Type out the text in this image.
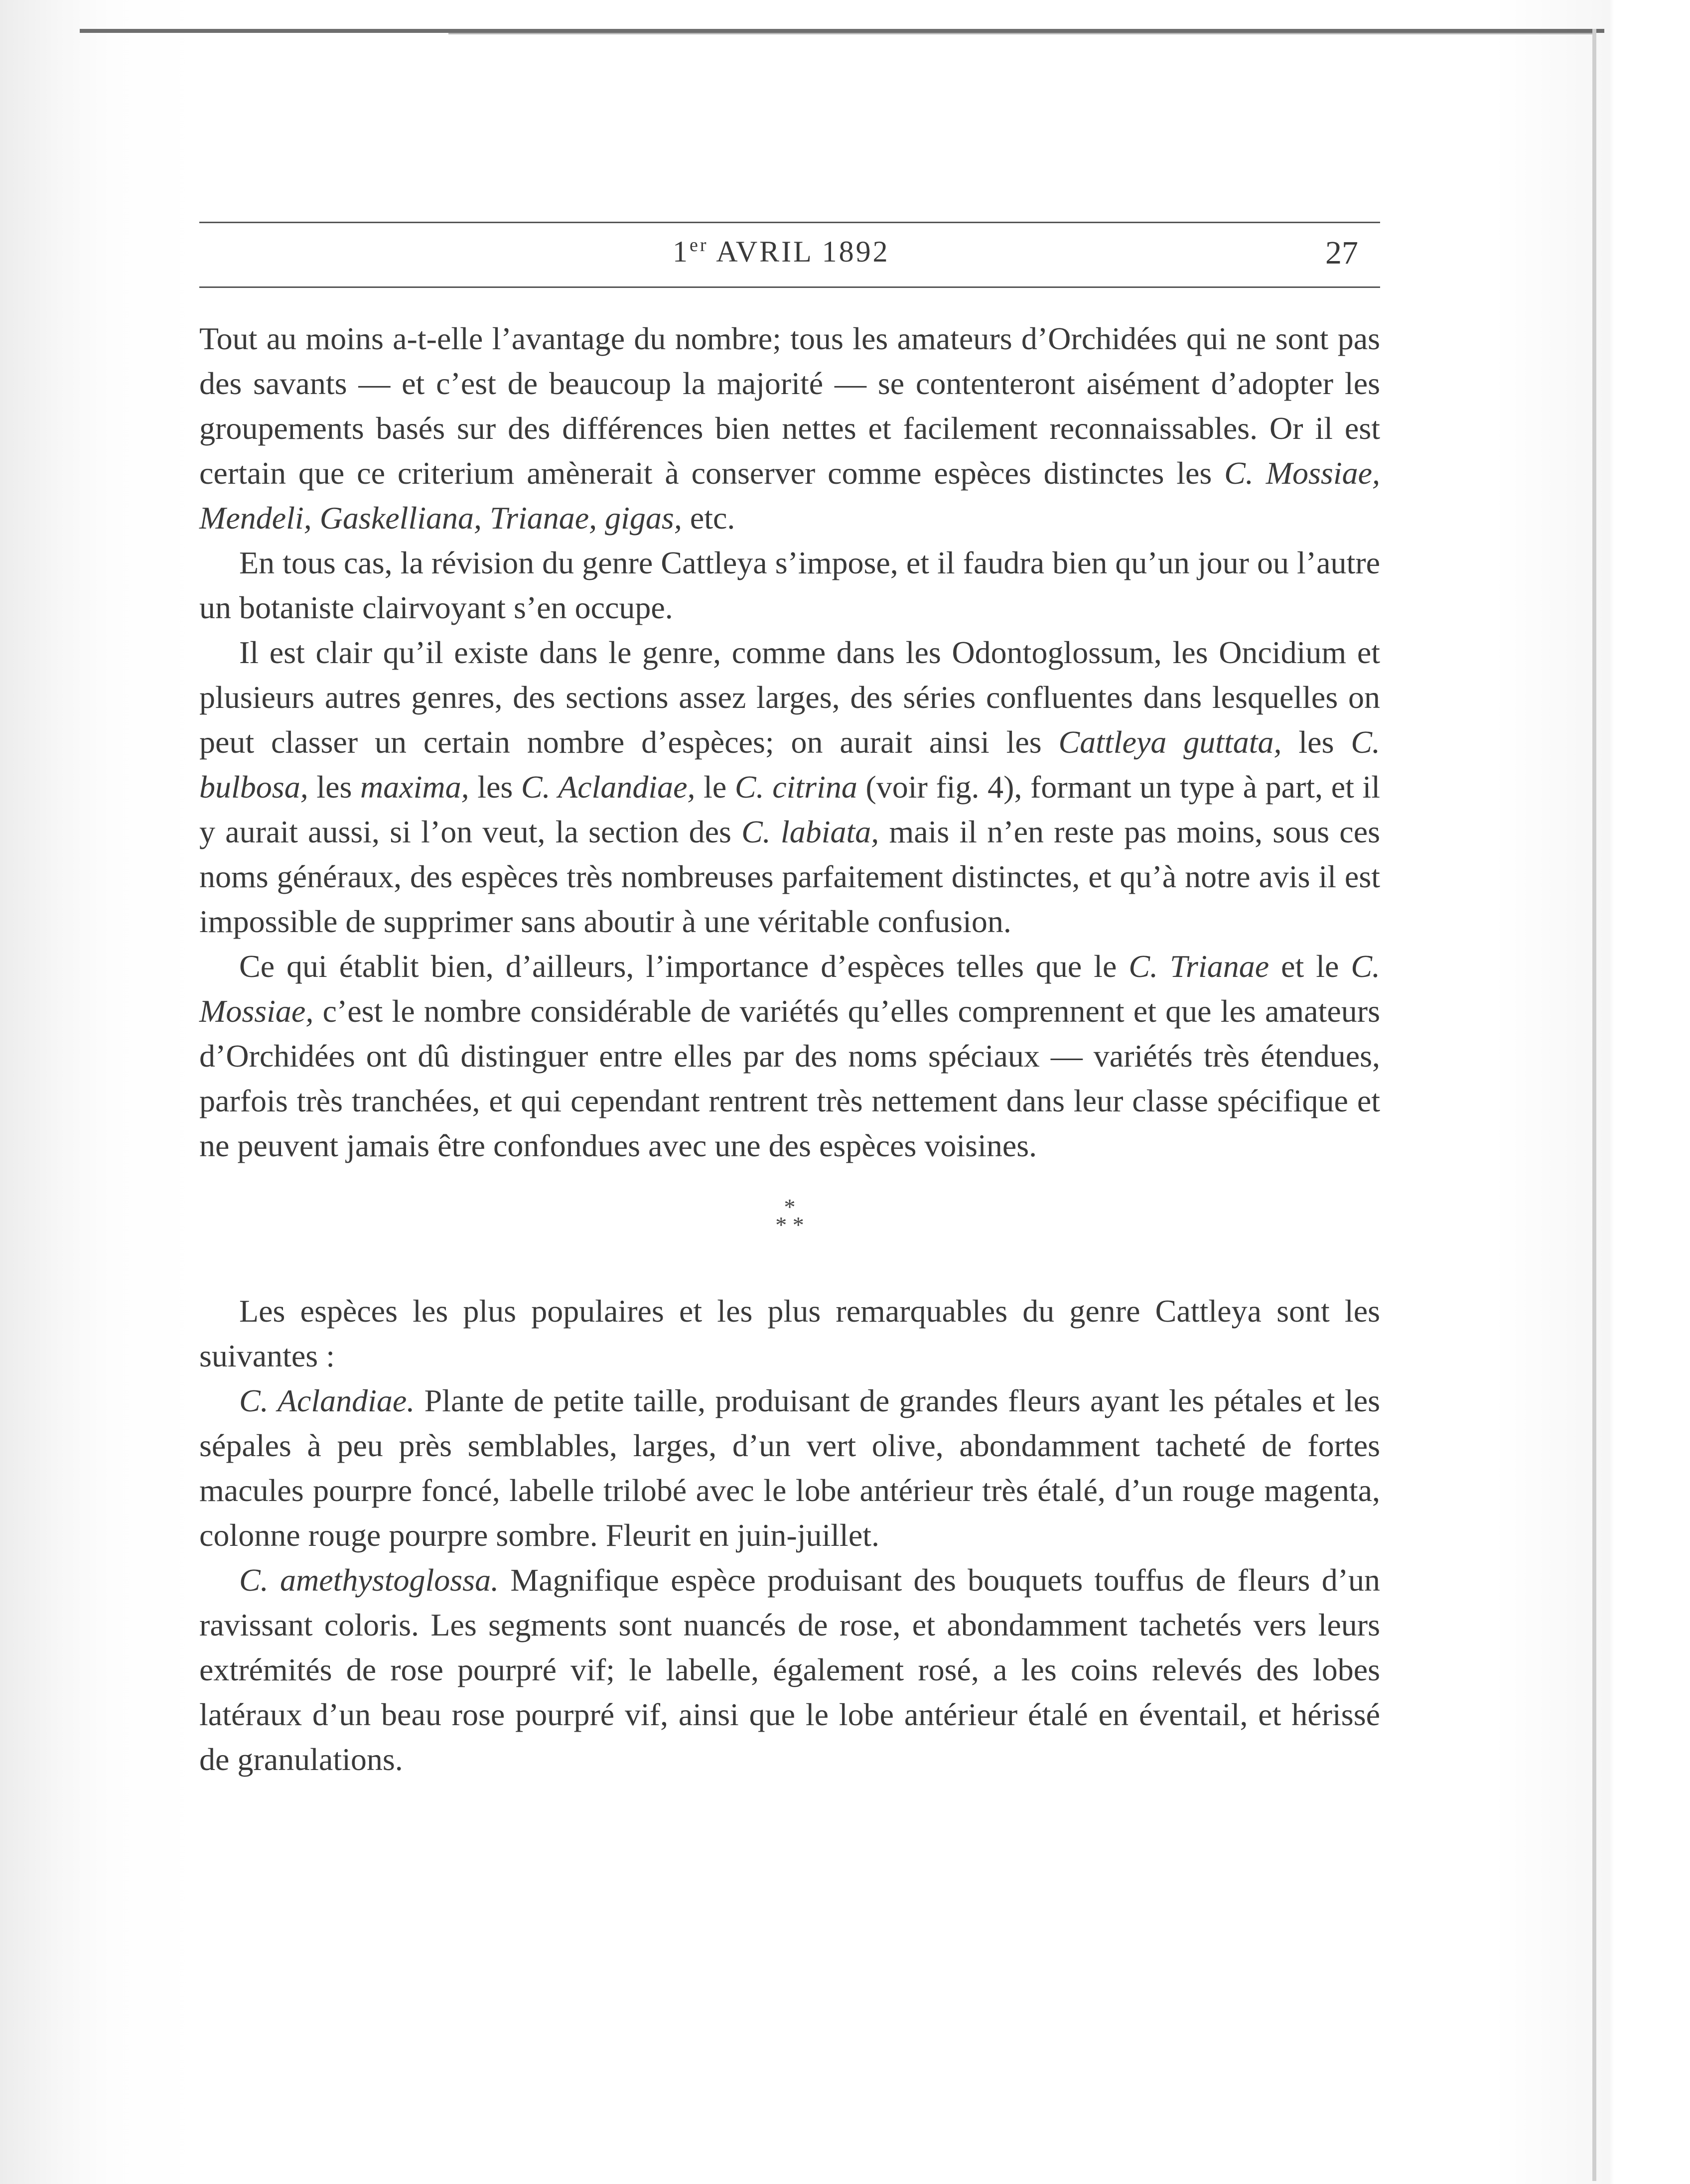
1er AVRIL 1892	27

Tout au moins a-t-elle l’avantage du nombre; tous les amateurs d’Orchidées qui ne sont pas des savants — et c’est de beaucoup la majorité — se contenteront aisément d’adopter les groupements basés sur des différences bien nettes et facilement reconnaissables. Or il est certain que ce criterium amènerait à conserver comme espèces distinctes les C. Mossiae, Mendeli, Gaskelliana, Trianae, gigas, etc.

En tous cas, la révision du genre Cattleya s’impose, et il faudra bien qu’un jour ou l’autre un botaniste clairvoyant s’en occupe.

Il est clair qu’il existe dans le genre, comme dans les Odontoglossum, les Oncidium et plusieurs autres genres, des sections assez larges, des séries confluentes dans lesquelles on peut classer un certain nombre d’espèces; on aurait ainsi les Cattleya guttata, les C. bulbosa, les maxima, les C. Aclandiae, le C. citrina (voir fig. 4), formant un type à part, et il y aurait aussi, si l’on veut, la section des C. labiata, mais il n’en reste pas moins, sous ces noms généraux, des espèces très nombreuses parfaitement distinctes, et qu’à notre avis il est impossible de supprimer sans aboutir à une véritable confusion.

Ce qui établit bien, d’ailleurs, l’importance d’espèces telles que le C. Trianae et le C. Mossiae, c’est le nombre considérable de variétés qu’elles comprennent et que les amateurs d’Orchidées ont dû distinguer entre elles par des noms spéciaux — variétés très étendues, parfois très tranchées, et qui cependant rentrent très nettement dans leur classe spécifique et ne peuvent jamais être confondues avec une des espèces voisines.

*
* *

Les espèces les plus populaires et les plus remarquables du genre Cattleya sont les suivantes :

C. Aclandiae. Plante de petite taille, produisant de grandes fleurs ayant les pétales et les sépales à peu près semblables, larges, d’un vert olive, abondamment tacheté de fortes macules pourpre foncé, labelle trilobé avec le lobe antérieur très étalé, d’un rouge magenta, colonne rouge pourpre sombre. Fleurit en juin-juillet.

C. amethystoglossa. Magnifique espèce produisant des bouquets touffus de fleurs d’un ravissant coloris. Les segments sont nuancés de rose, et abondamment tachetés vers leurs extrémités de rose pourpré vif; le labelle, également rosé, a les coins relevés des lobes latéraux d’un beau rose pourpré vif, ainsi que le lobe antérieur étalé en éventail, et hérissé de granulations.
